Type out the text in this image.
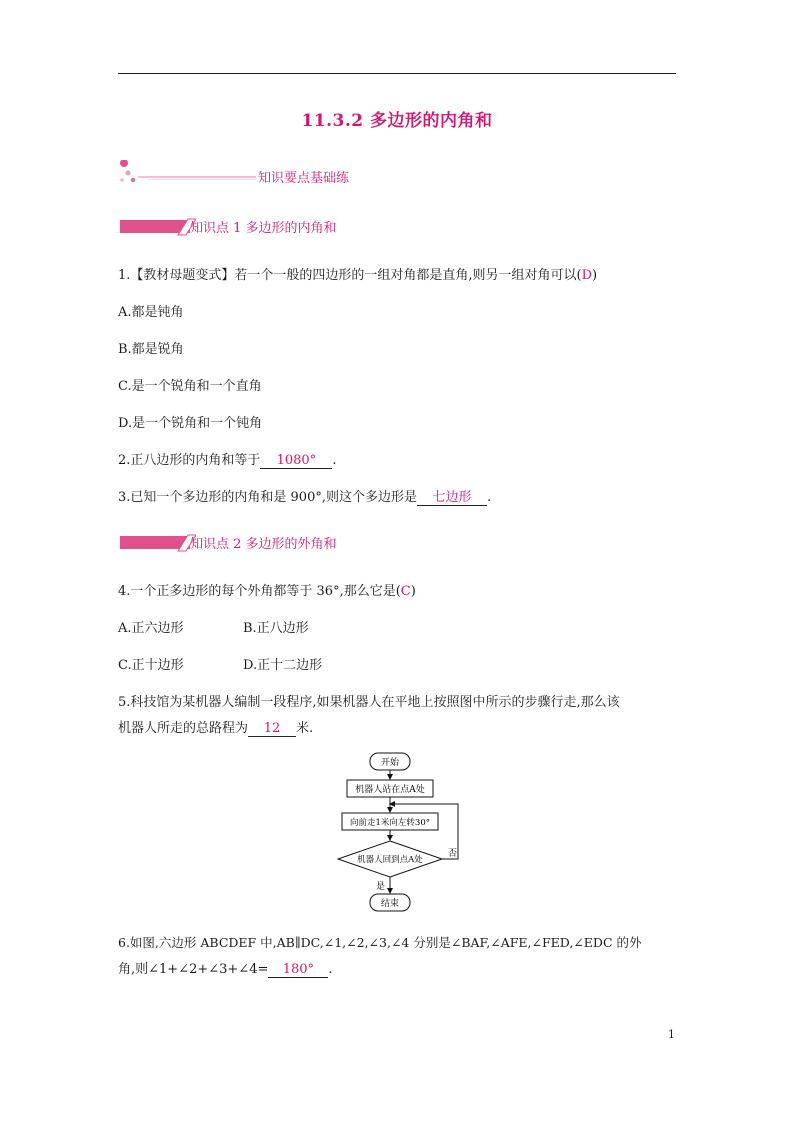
11.3.2 多边形的内角和
知识要点基础练
知识点 1 多边形的内角和
1.【教材母题变式】若一个一般的四边形的一组对角都是直角,则另一组对角可以(D)
A.都是钝角
B.都是锐角
C.是一个锐角和一个直角
D.是一个锐角和一个钝角
2.正八边形的内角和等于 1080° .
3.已知一个多边形的内角和是 900°,则这个多边形是 七边形 .
知识点 2 多边形的外角和
4.一个正多边形的每个外角都等于 36°,那么它是(C)
A.正六边形	B.正八边形
C.正十边形	D.正十二边形
5.科技馆为某机器人编制一段程序,如果机器人在平地上按照图中所示的步骤行走,那么该
机器人所走的总路程为 12 米.
开始
机器人站在点A处
向前走1米向左转30°
机器人回到点A处
否
是
结束
6.如图,六边形 ABCDEF 中,AB∥DC,∠1,∠2,∠3,∠4 分别是∠BAF,∠AFE,∠FED,∠EDC 的外
角,则∠1+∠2+∠3+∠4= 180° .
1
